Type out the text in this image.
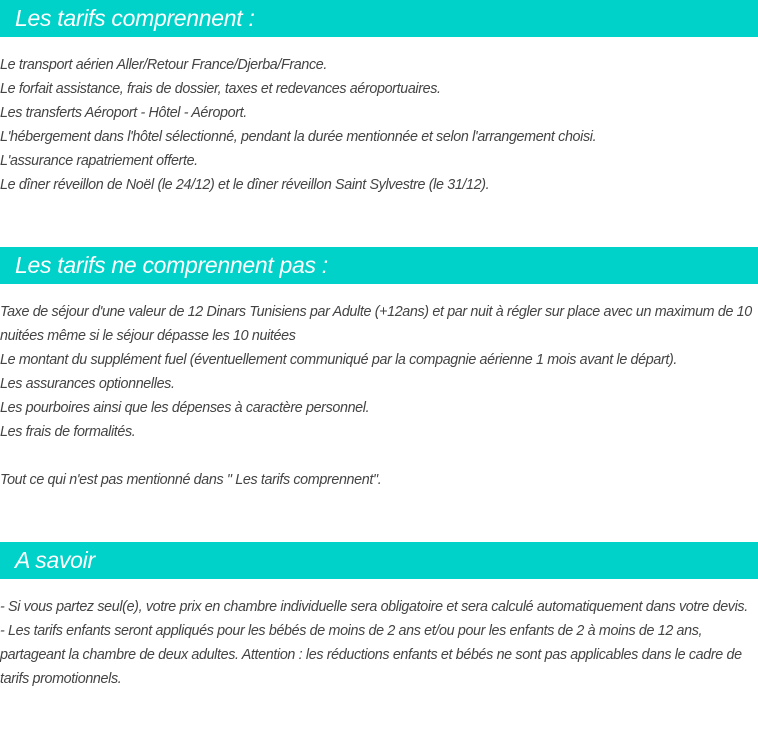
Les tarifs comprennent :

Le transport aérien Aller/Retour France/Djerba/France.

Le forfait assistance, frais de dossier, taxes et redevances aéroportuaires.

Les transferts Aéroport - Hôtel - Aéroport.

L'hébergement dans l'hôtel sélectionné, pendant la durée mentionnée et selon l'arrangement choisi.

L'assurance rapatriement offerte.

Le dîner réveillon de Noël (le 24/12) et le dîner réveillon Saint Sylvestre (le 31/12).

Les tarifs ne comprennent pas :

Taxe de séjour d'une valeur de 12 Dinars Tunisiens par Adulte (+12ans) et par nuit à régler sur place avec un maximum de 10 nuitées même si le séjour dépasse les 10 nuitées

Le montant du supplément fuel (éventuellement communiqué par la compagnie aérienne 1 mois avant le départ).

Les assurances optionnelles.

Les pourboires ainsi que les dépenses à caractère personnel.

Les frais de formalités.

Tout ce qui n'est pas mentionné dans " Les tarifs comprennent".

A savoir

- Si vous partez seul(e), votre prix en chambre individuelle sera obligatoire et sera calculé automatiquement dans votre devis.

- Les tarifs enfants seront appliqués pour les bébés de moins de 2 ans et/ou pour les enfants de 2 à moins de 12 ans, partageant la chambre de deux adultes. Attention : les réductions enfants et bébés ne sont pas applicables dans le cadre de tarifs promotionnels.
